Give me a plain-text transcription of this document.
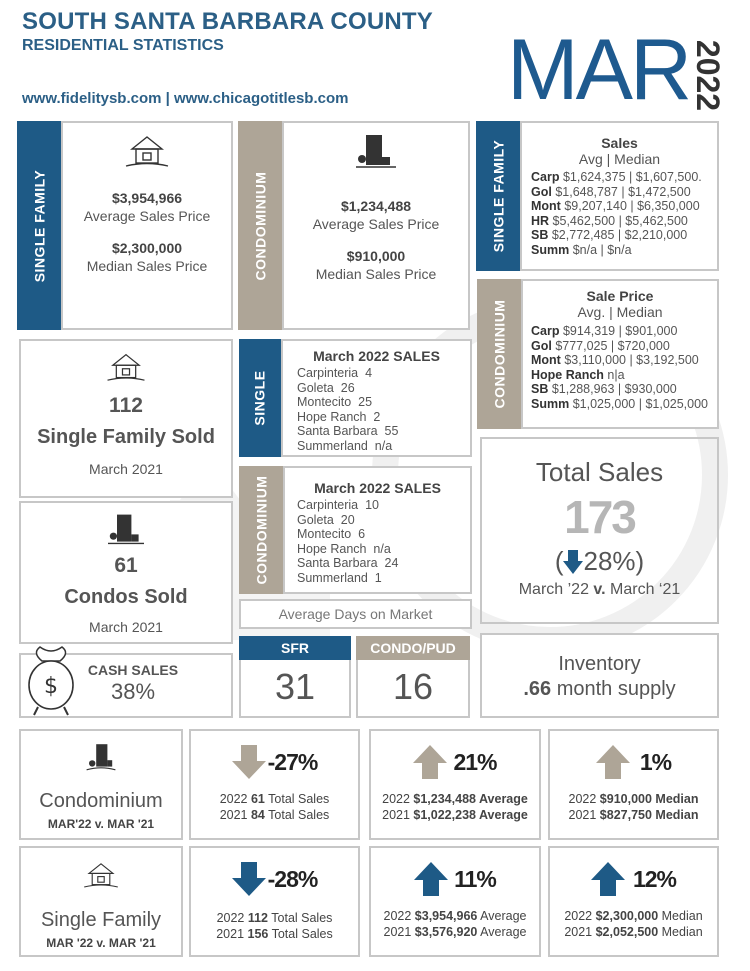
SOUTH SANTA BARBARA COUNTY
RESIDENTIAL STATISTICS
www.fidelitysb.com | www.chicagotitlesb.com MAR 2022
SINGLE FAMILY	$3,954,966
Average Sales Price
$2,300,000
Median Sales Price	CONDOMINIUM	$1,234,488
Average Sales Price
$910,000
Median Sales Price
SINGLE FAMILY	Sales
Avg | Median
Carp $1,624,375 | $1,607,500.
Gol $1,648,787 | $1,472,500
Mont $9,207,140 | $6,350,000
HR $5,462,500 | $5,462,500
SB $2,772,485 | $2,210,000
Summ $n/a | $n/a
CONDOMINIUM
Sale Price
Avg. | Median
Carp $914,319 | $901,000
Gol $777,025 | $720,000
Mont $3,110,000 | $3,192,500
Hope Ranch n|a
SB $1,288,963 | $930,000
Summ $1,025,000 | $1,025,000
112
Single Family Sold
March 2021
61
Condos Sold
March 2021
SINGLE
March 2022 SALES
Carpinteria  4
Goleta  26
Montecito  25
Hope Ranch  2
Santa Barbara  55
Summerland  n/a
CONDOMINIUM	March 2022 SALES
Carpinteria  10
Goleta  20
Montecito  6
Hope Ranch  n/a
Santa Barbara  24
Summerland  1
Total Sales
173
( 28%)
March ’22 v. March ‘21
Average Days on Market
SFR
31
CONDO/PUD
16
$
CASH SALES
38%
Inventory
.66 month supply
Condominium
MAR'22 v. MAR '21
-27%
2022 61 Total Sales
2021 84 Total Sales
21%
2022 $1,234,488 Average
2021 $1,022,238 Average
1%
2022 $910,000 Median
2021 $827,750 Median
Single Family
MAR '22 v. MAR '21
-28%
2022 112 Total Sales
2021 156 Total Sales
11%
2022 $3,954,966 Average
2021 $3,576,920 Average
12%
2022 $2,300,000 Median
2021 $2,052,500 Median
